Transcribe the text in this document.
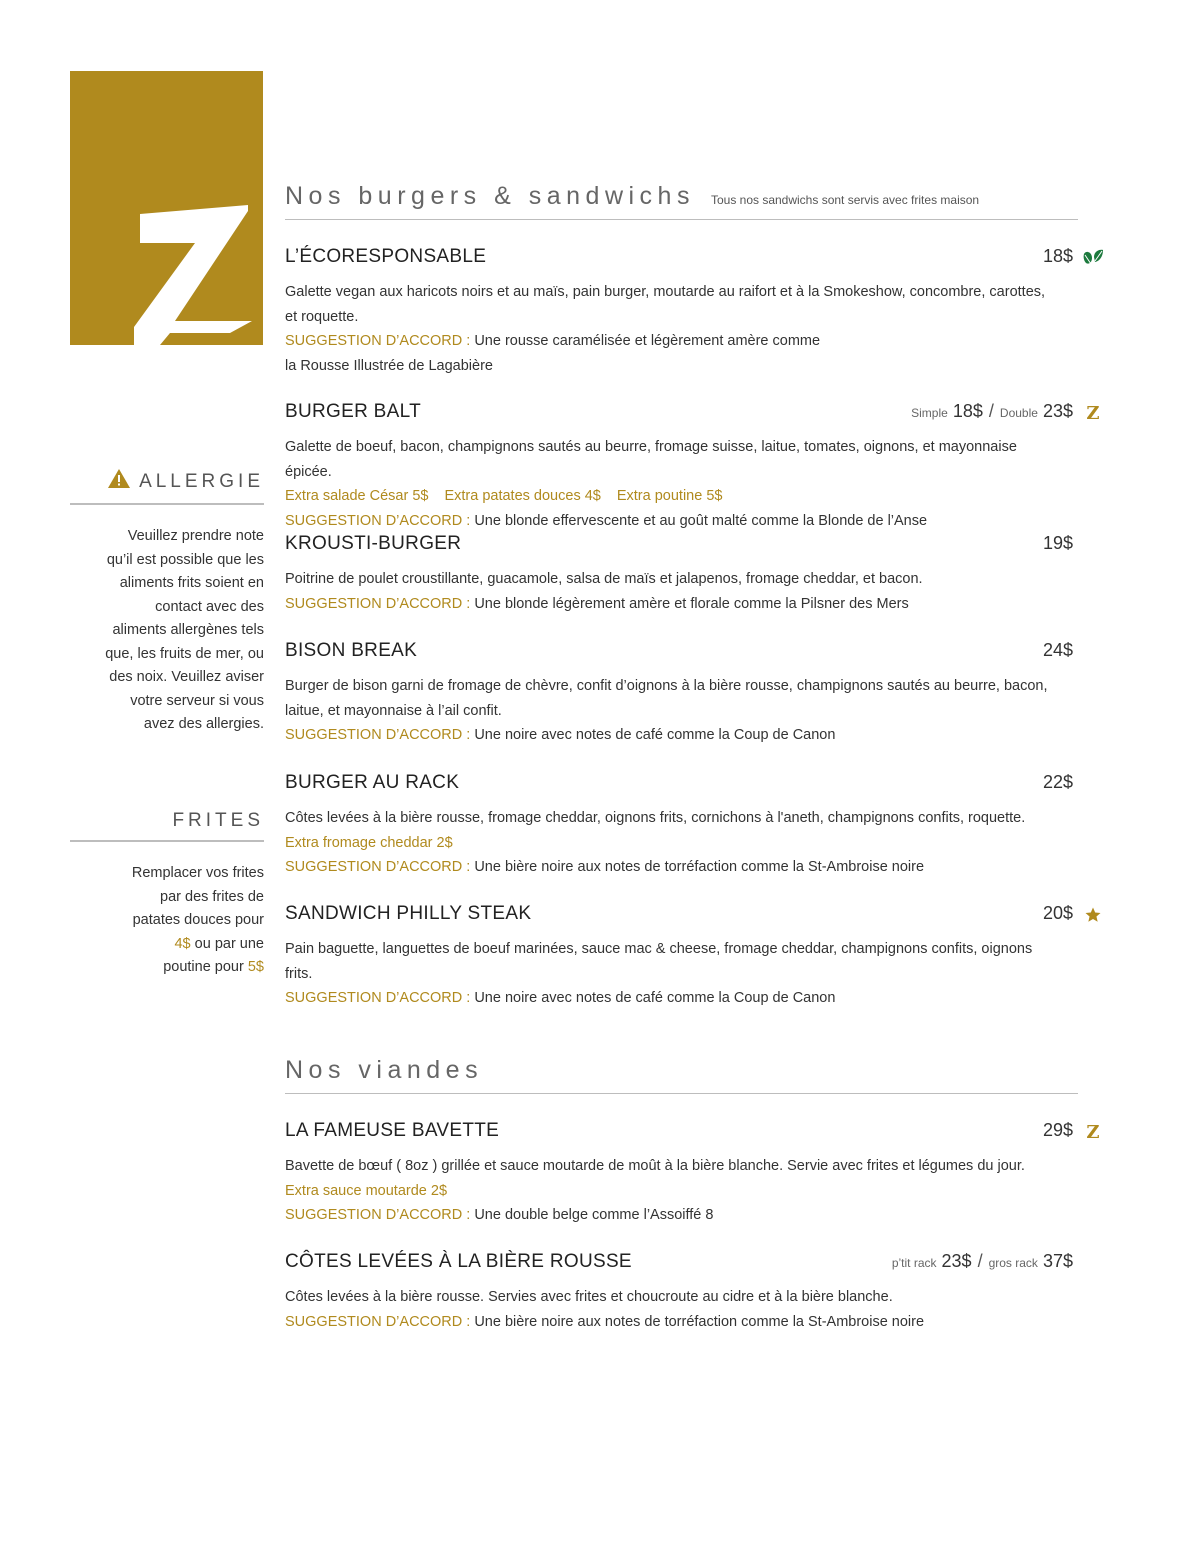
ALLERGIE
Veuillez prendre note qu’il est possible que les aliments frits soient en contact avec des aliments allergènes tels que, les fruits de mer, ou des noix. Veuillez aviser votre serveur si vous avez des allergies.
FRITES
Remplacer vos frites par des frites de patates douces pour 4$ ou par une poutine pour 5$
Nos burgers & sandwichs Tous nos sandwichs sont servis avec frites maison
L’ÉCORESPONSABLE	18$
Galette vegan aux haricots noirs et au maïs, pain burger, moutarde au raifort et à la Smokeshow, concombre, carottes, et roquette.
SUGGESTION D’ACCORD : Une rousse caramélisée et légèrement amère comme
la Rousse Illustrée de Lagabière
BURGER BALT	Simple 18$ / Double 23$ Z
Galette de boeuf, bacon, champignons sautés au beurre, fromage suisse, laitue, tomates, oignons, et mayonnaise épicée.
Extra salade César 5$ Extra patates douces 4$ Extra poutine 5$
SUGGESTION D’ACCORD : Une blonde effervescente et au goût malté comme la Blonde de l’Anse
KROUSTI-BURGER	19$
Poitrine de poulet croustillante, guacamole, salsa de maïs et jalapenos, fromage cheddar, et bacon.
SUGGESTION D’ACCORD : Une blonde légèrement amère et florale comme la Pilsner des Mers
BISON BREAK	24$
Burger de bison garni de fromage de chèvre, confit d’oignons à la bière rousse, champignons sautés au beurre, bacon, laitue, et mayonnaise à l’ail confit.
SUGGESTION D’ACCORD : Une noire avec notes de café comme la Coup de Canon
BURGER AU RACK	22$
Côtes levées à la bière rousse, fromage cheddar, oignons frits, cornichons à l'aneth, champignons confits, roquette.
Extra fromage cheddar 2$
SUGGESTION D’ACCORD : Une bière noire aux notes de torréfaction comme la St-Ambroise noire
SANDWICH PHILLY STEAK	20$
Pain baguette, languettes de boeuf marinées, sauce mac & cheese, fromage cheddar, champignons confits, oignons frits.
SUGGESTION D’ACCORD : Une noire avec notes de café comme la Coup de Canon
Nos viandes
LA FAMEUSE BAVETTE	29$ Z
Bavette de bœuf ( 8oz ) grillée et sauce moutarde de moût à la bière blanche. Servie avec frites et légumes du jour.
Extra sauce moutarde 2$
SUGGESTION D’ACCORD : Une double belge comme l’Assoiffé 8
CÔTES LEVÉES À LA BIÈRE ROUSSE	p’tit rack 23$ / gros rack 37$
Côtes levées à la bière rousse. Servies avec frites et choucroute au cidre et à la bière blanche.
SUGGESTION D’ACCORD : Une bière noire aux notes de torréfaction comme la St-Ambroise noire
